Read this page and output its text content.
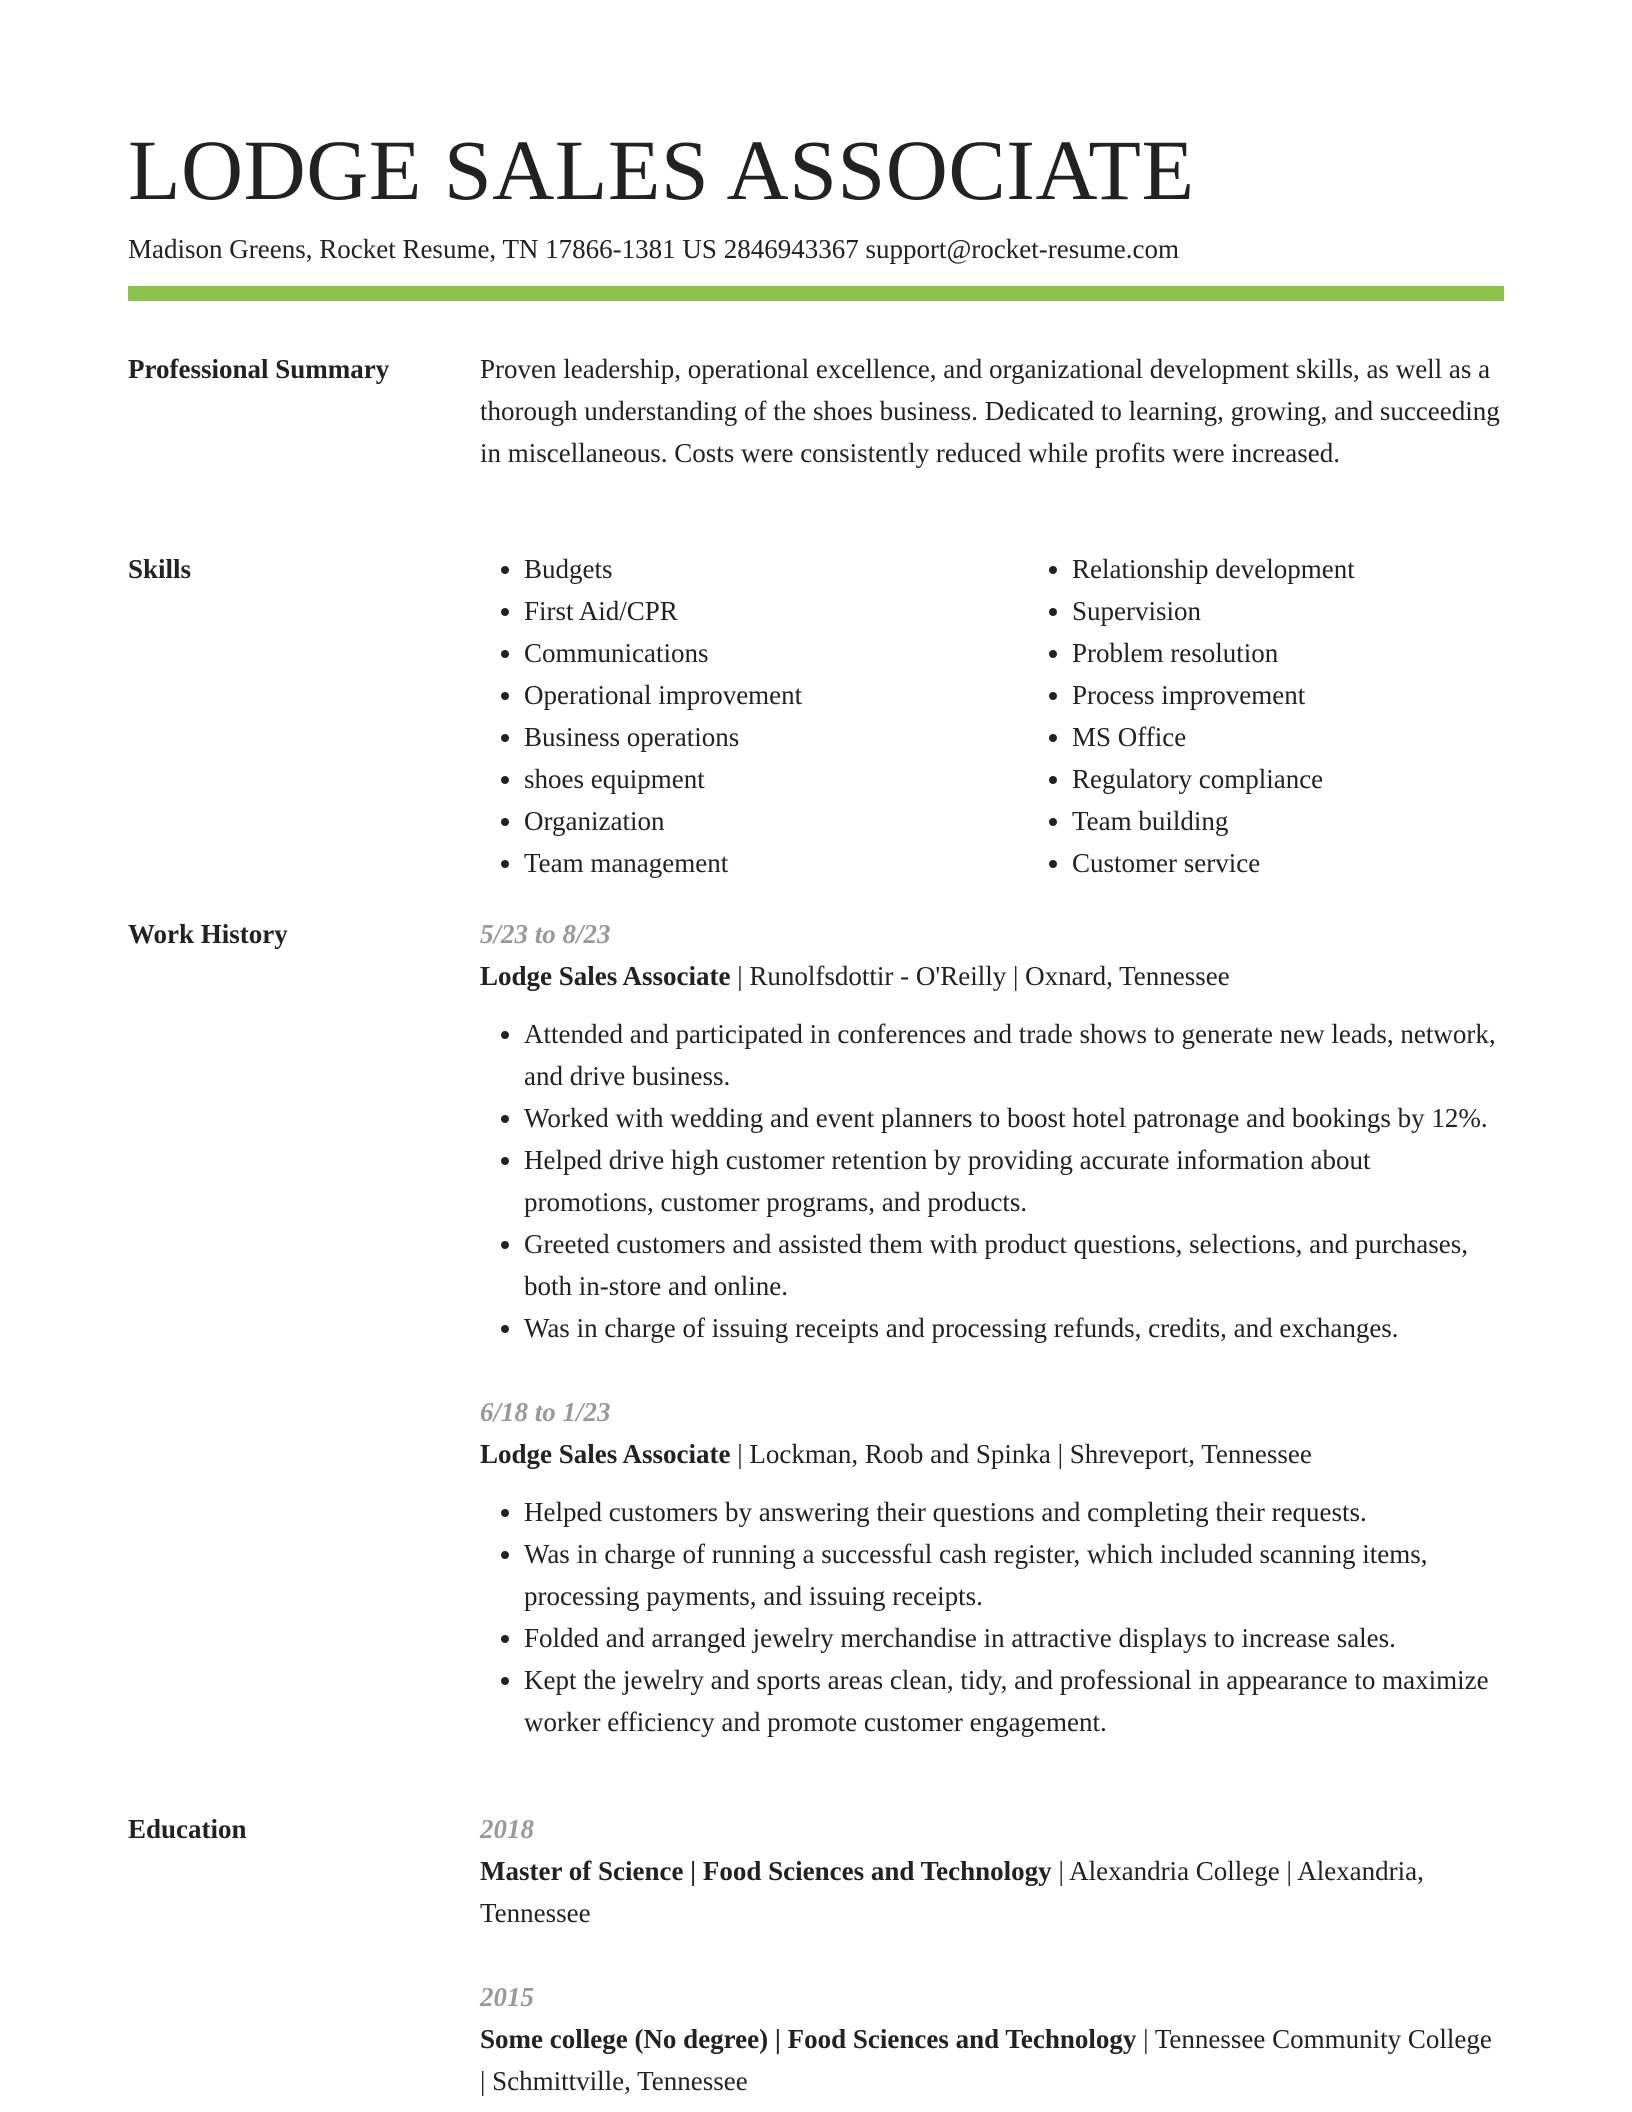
LODGE SALES ASSOCIATE
Madison Greens, Rocket Resume, TN 17866-1381 US 2846943367 support@rocket-resume.com
Professional Summary	Proven leadership, operational excellence, and organizational development skills, as well as a thorough understanding of the shoes business. Dedicated to learning, growing, and succeeding in miscellaneous. Costs were consistently reduced while profits were increased.

Skills
•	Budgets
• First Aid/CPR
• Communications
• Operational improvement
• Business operations
• shoes equipment
• Organization
• Team management
• Relationship development
• Supervision
• Problem resolution
• Process improvement
• MS Office
• Regulatory compliance
• Team building
• Customer service
Work History	5/23 to 8/23
Lodge Sales Associate | Runolfsdottir - O'Reilly | Oxnard, Tennessee
• Attended and participated in conferences and trade shows to generate new leads, network, and drive business.
• Worked with wedding and event planners to boost hotel patronage and bookings by 12%.
• Helped drive high customer retention by providing accurate information about promotions, customer programs, and products.
• Greeted customers and assisted them with product questions, selections, and purchases, both in-store and online.
• Was in charge of issuing receipts and processing refunds, credits, and exchanges.
6/18 to 1/23
Lodge Sales Associate | Lockman, Roob and Spinka | Shreveport, Tennessee
• Helped customers by answering their questions and completing their requests.
• Was in charge of running a successful cash register, which included scanning items, processing payments, and issuing receipts.
• Folded and arranged jewelry merchandise in attractive displays to increase sales.
• Kept the jewelry and sports areas clean, tidy, and professional in appearance to maximize worker efficiency and promote customer engagement.
Education	2018
Master of Science | Food Sciences and Technology | Alexandria College | Alexandria, Tennessee
2015
Some college (No degree) | Food Sciences and Technology | Tennessee Community College | Schmittville, Tennessee
